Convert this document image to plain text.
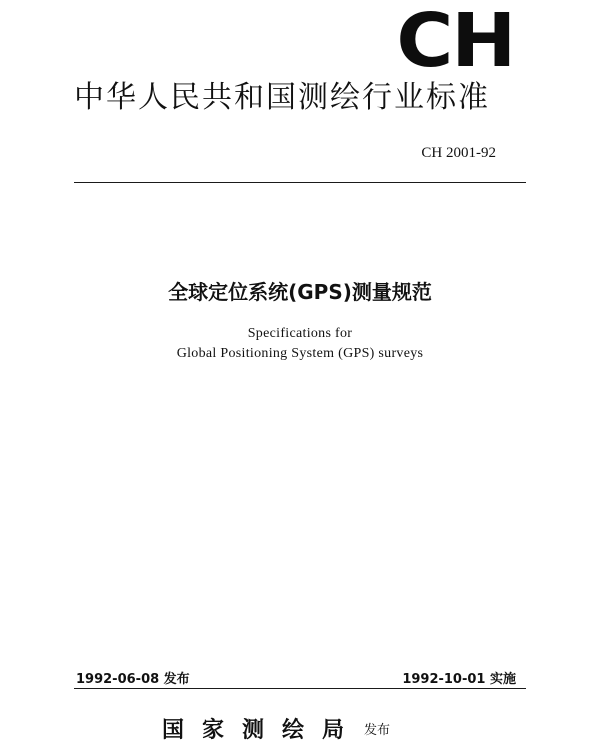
CH
中华人民共和国测绘行业标准
CH 2001-92
全球定位系统(GPS)测量规范
Specifications for
Global Positioning System (GPS) surveys
1992-06-08 发布	1992-10-01 实施
国家测绘局 发布
